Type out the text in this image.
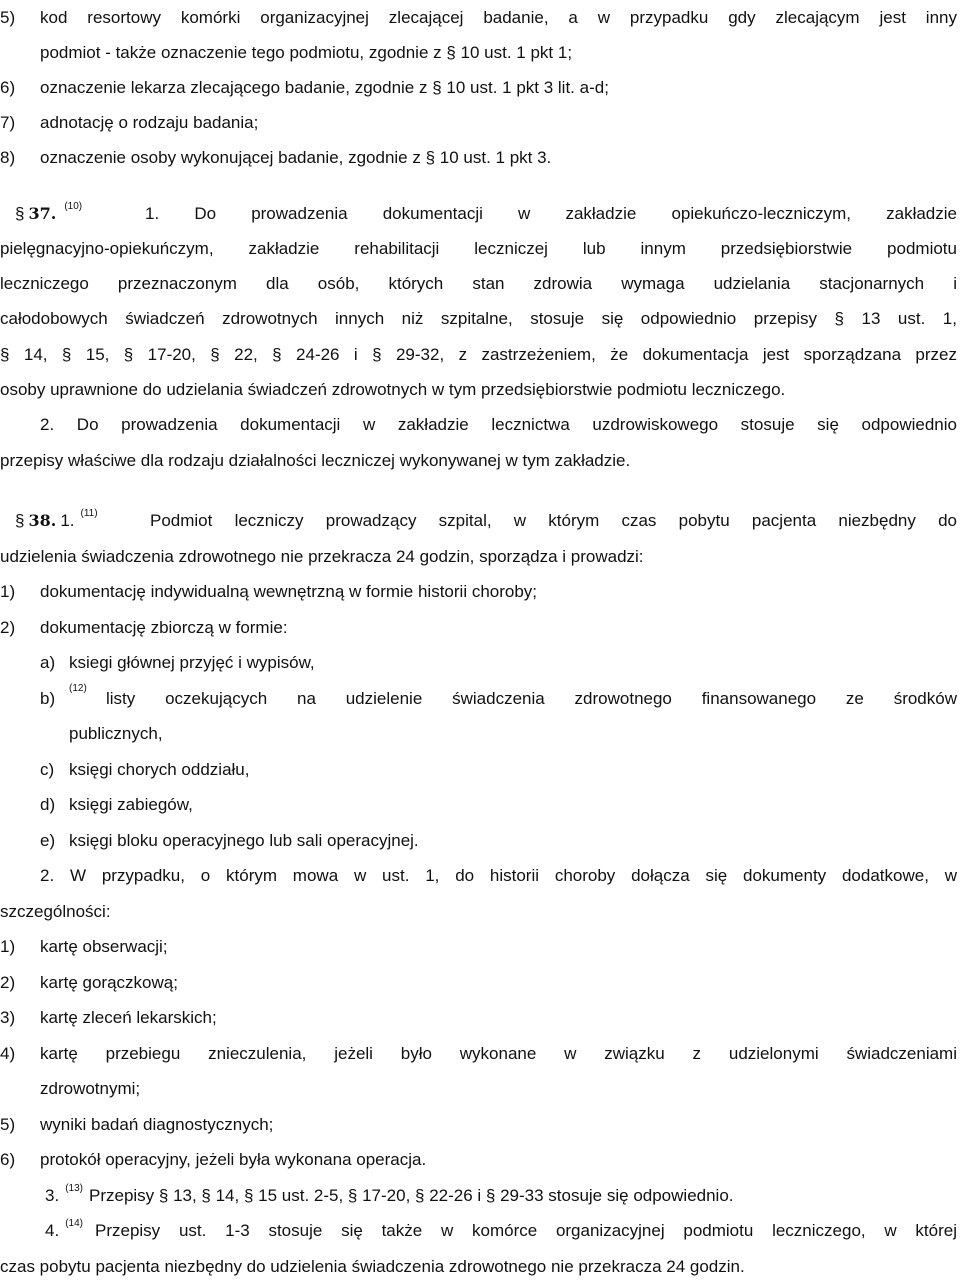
5) kod resortowy komórki organizacyjnej zlecającej badanie, a w przypadku gdy zlecającym jest inny
podmiot - także oznaczenie tego podmiotu, zgodnie z § 10 ust. 1 pkt 1;
6) oznaczenie lekarza zlecającego badanie, zgodnie z § 10 ust. 1 pkt 3 lit. a-d;
7) adnotację o rodzaju badania;
8) oznaczenie osoby wykonującej badanie, zgodnie z § 10 ust. 1 pkt 3.
§ 37. $^{(10)}$	1. Do prowadzenia dokumentacji w zakładzie opiekuńczo-leczniczym, zakładzie
pielęgnacyjno-opiekuńczym, zakładzie rehabilitacji leczniczej lub innym przedsiębiorstwie podmiotu
leczniczego przeznaczonym dla osób, których stan zdrowia wymaga udzielania stacjonarnych i
całodobowych świadczeń zdrowotnych innych niż szpitalne, stosuje się odpowiednio przepisy § 13 ust. 1,
§ 14, § 15, § 17-20, § 22, § 24-26 i § 29-32, z zastrzeżeniem, że dokumentacja jest sporządzana przez
osoby uprawnione do udzielania świadczeń zdrowotnych w tym przedsiębiorstwie podmiotu leczniczego.
2. Do prowadzenia dokumentacji w zakładzie lecznictwa uzdrowiskowego stosuje się odpowiednio
przepisy właściwe dla rodzaju działalności leczniczej wykonywanej w tym zakładzie.
§ 38. 1. $^{(11)}$	Podmiot leczniczy prowadzący szpital, w którym czas pobytu pacjenta niezbędny do
udzielenia świadczenia zdrowotnego nie przekracza 24 godzin, sporządza i prowadzi:
1) dokumentację indywidualną wewnętrzną w formie historii choroby;
2) dokumentację zbiorczą w formie:
a) ksiegi głównej przyjęć i wypisów,
b)
(12)
listy oczekujących na udzielenie świadczenia zdrowotnego finansowanego ze środków
publicznych,
c) księgi chorych oddziału,
d) księgi zabiegów,
e) księgi bloku operacyjnego lub sali operacyjnej.
2. W przypadku, o którym mowa w ust. 1, do historii choroby dołącza się dokumenty dodatkowe, w
szczególności:
1) kartę obserwacji;
2) kartę gorączkową;
3) kartę zleceń lekarskich;
4) kartę przebiegu znieczulenia, jeżeli było wykonane w związku z udzielonymi świadczeniami
zdrowotnymi;
5) wyniki badań diagnostycznych;
6) protokół operacyjny, jeżeli była wykonana operacja.
3. $^{(13)}$ Przepisy § 13, § 14, § 15 ust. 2-5, § 17-20, § 22-26 i § 29-33 stosuje się odpowiednio.
4. $^{(14)}$ Przepisy ust. 1-3 stosuje się także w komórce organizacyjnej podmiotu leczniczego, w której
czas pobytu pacjenta niezbędny do udzielenia świadczenia zdrowotnego nie przekracza 24 godzin.
